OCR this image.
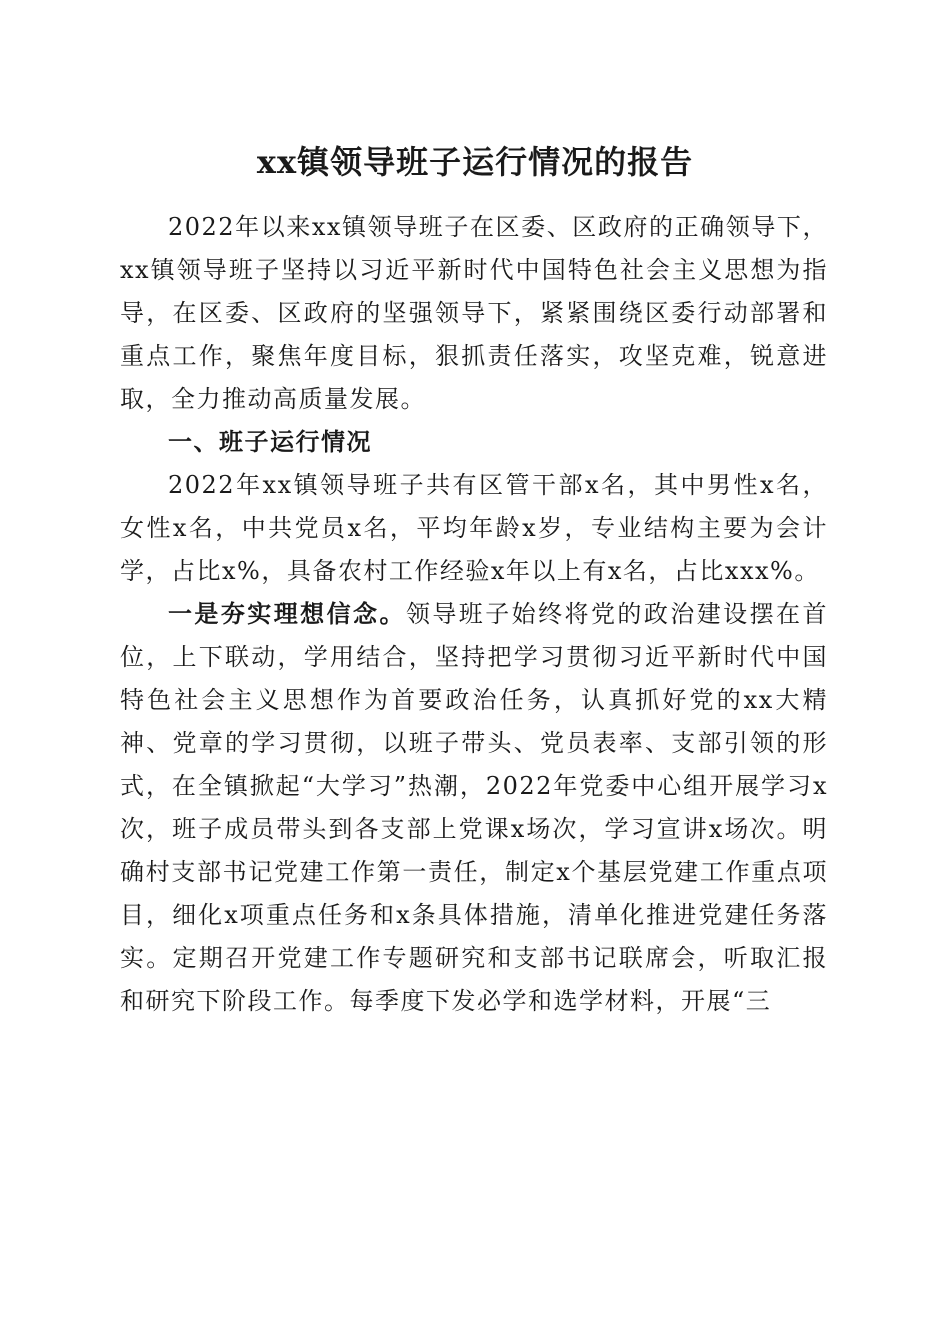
xx镇领导班子运行情况的报告

2022年以来xx镇领导班子在区委、区政府的正确领导下，xx镇领导班子坚持以习近平新时代中国特色社会主义思想为指导，在区委、区政府的坚强领导下，紧紧围绕区委行动部署和重点工作，聚焦年度目标，狠抓责任落实，攻坚克难，锐意进取，全力推动高质量发展。

一、班子运行情况

2022年xx镇领导班子共有区管干部x名，其中男性x名，女性x名，中共党员x名，平均年龄x岁，专业结构主要为会计学，占比x%，具备农村工作经验x年以上有x名，占比xxx%。

一是夯实理想信念。领导班子始终将党的政治建设摆在首位，上下联动，学用结合，坚持把学习贯彻习近平新时代中国特色社会主义思想作为首要政治任务，认真抓好党的xx大精神、党章的学习贯彻，以班子带头、党员表率、支部引领的形式，在全镇掀起“大学习”热潮，2022年党委中心组开展学习x次，班子成员带头到各支部上党课x场次，学习宣讲x场次。明确村支部书记党建工作第一责任，制定x个基层党建工作重点项目，细化x项重点任务和x条具体措施，清单化推进党建任务落实。定期召开党建工作专题研究和支部书记联席会，听取汇报和研究下阶段工作。每季度下发必学和选学材料，开展“三
